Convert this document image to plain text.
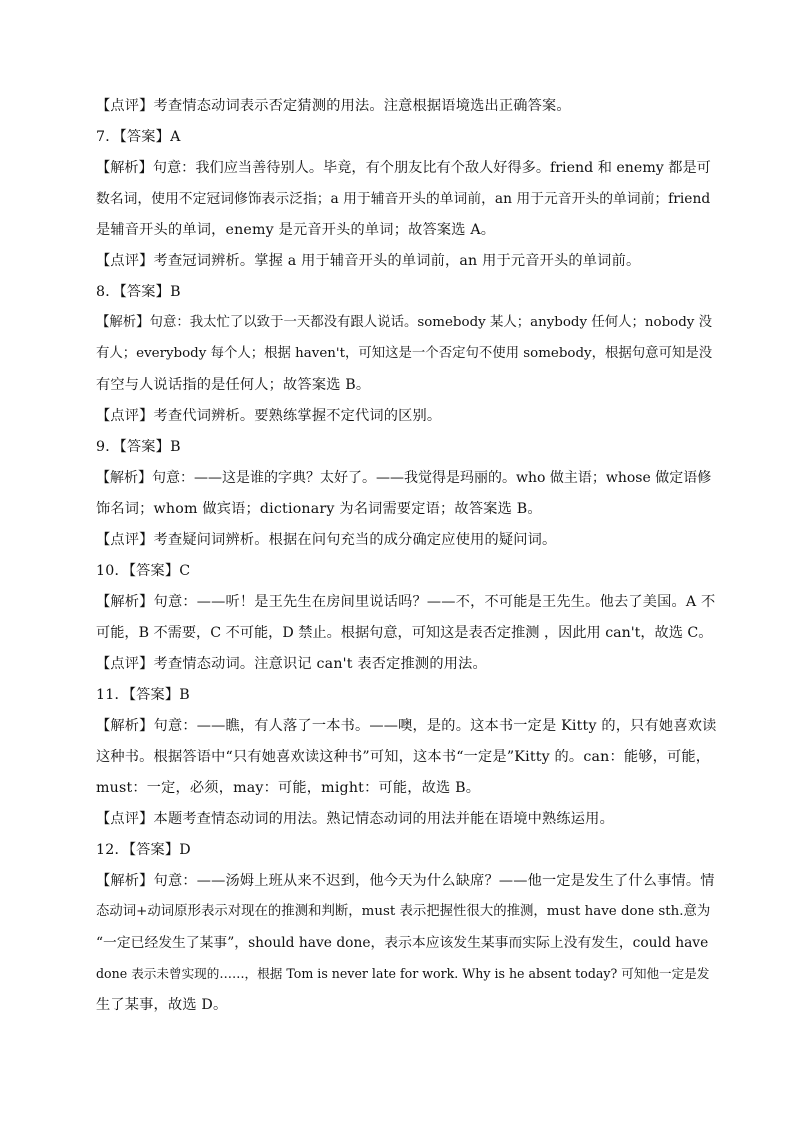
【点评】考查情态动词表示否定猜测的用法。注意根据语境选出正确答案。
7．【答案】A
【解析】句意：我们应当善待别人。毕竟，有个朋友比有个敌人好得多。friend 和 enemy 都是可
数名词，使用不定冠词修饰表示泛指；a 用于辅音开头的单词前，an 用于元音开头的单词前；friend
是辅音开头的单词，enemy 是元音开头的单词；故答案选 A。
【点评】考查冠词辨析。掌握 a 用于辅音开头的单词前，an 用于元音开头的单词前。
8．【答案】B
【解析】句意：我太忙了以致于一天都没有跟人说话。somebody 某人；anybody 任何人；nobody 没
有人；everybody 每个人；根据 haven't，可知这是一个否定句不使用 somebody，根据句意可知是没
有空与人说话指的是任何人；故答案选 B。
【点评】考查代词辨析。要熟练掌握不定代词的区别。
9．【答案】B
【解析】句意：——这是谁的字典？太好了。——我觉得是玛丽的。who 做主语；whose 做定语修
饰名词；whom 做宾语；dictionary 为名词需要定语；故答案选 B。
【点评】考查疑问词辨析。根据在问句充当的成分确定应使用的疑问词。
10．【答案】C
【解析】句意：——听！是王先生在房间里说话吗？——不，不可能是王先生。他去了美国。A 不
可能，B 不需要，C 不可能，D 禁止。根据句意，可知这是表否定推测 ，因此用 can't，故选 C。
【点评】考查情态动词。注意识记 can't 表否定推测的用法。
11．【答案】B
【解析】句意：——瞧，有人落了一本书。——噢，是的。这本书一定是 Kitty 的，只有她喜欢读
这种书。根据答语中“只有她喜欢读这种书”可知，这本书“一定是”Kitty 的。can：能够，可能，
must：一定，必须，may：可能，might：可能，故选 B。
【点评】本题考查情态动词的用法。熟记情态动词的用法并能在语境中熟练运用。
12．【答案】D
【解析】句意：——汤姆上班从来不迟到，他今天为什么缺席？——他一定是发生了什么事情。情
态动词+动词原形表示对现在的推测和判断，must 表示把握性很大的推测，must have done sth.意为
“一定已经发生了某事”，should have done，表示本应该发生某事而实际上没有发生，could have
done 表示未曾实现的……，根据 Tom is never late for work. Why is he absent today? 可知他一定是发
生了某事，故选 D。
